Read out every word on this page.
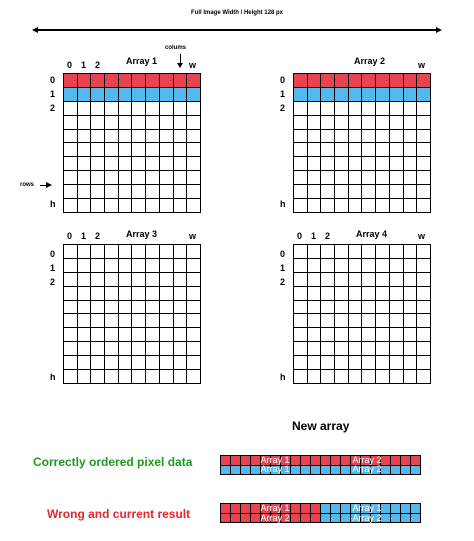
Full Image Width / Height 128 px
Array 1
0 1 2	w
0
1
2
h
colums
rows
Array 2	w
0
1
2
h
Array 3
0 1 2	w
0
1
2
h
Array 4
0 1 2	w
0
1
2
h
New array
Correctly ordered pixel data	Array 1	Array 2
Array 1	Array 2
Wrong and current result	Array 1	Array 1
Array 2	Array 2
